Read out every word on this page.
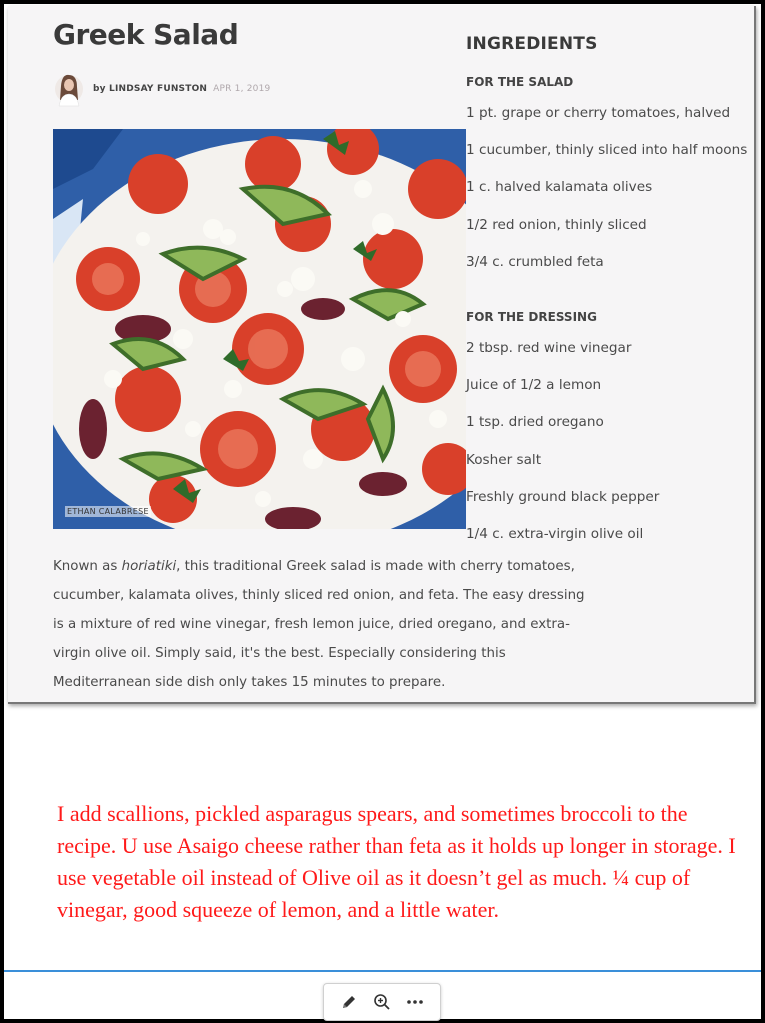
Greek Salad
by LINDSAY FUNSTON APR 1, 2019
ETHAN CALABRESE
INGREDIENTS
FOR THE SALAD
1 pt. grape or cherry tomatoes, halved
1 cucumber, thinly sliced into half moons
1 c. halved kalamata olives
1/2 red onion, thinly sliced
3/4 c. crumbled feta
FOR THE DRESSING
2 tbsp. red wine vinegar
Juice of 1/2 a lemon
1 tsp. dried oregano
Kosher salt
Freshly ground black pepper
1/4 c. extra-virgin olive oil

Known as horiatiki, this traditional Greek salad is made with cherry tomatoes, cucumber, kalamata olives, thinly sliced red onion, and feta. The easy dressing is a mixture of red wine vinegar, fresh lemon juice, dried oregano, and extra-virgin olive oil. Simply said, it's the best. Especially considering this Mediterranean side dish only takes 15 minutes to prepare.

I add scallions, pickled asparagus spears, and sometimes broccoli to the recipe. U use Asaigo cheese rather than feta as it holds up longer in storage. I use vegetable oil instead of Olive oil as it doesn’t gel as much. ¼ cup of vinegar, good squeeze of lemon, and a little water.
